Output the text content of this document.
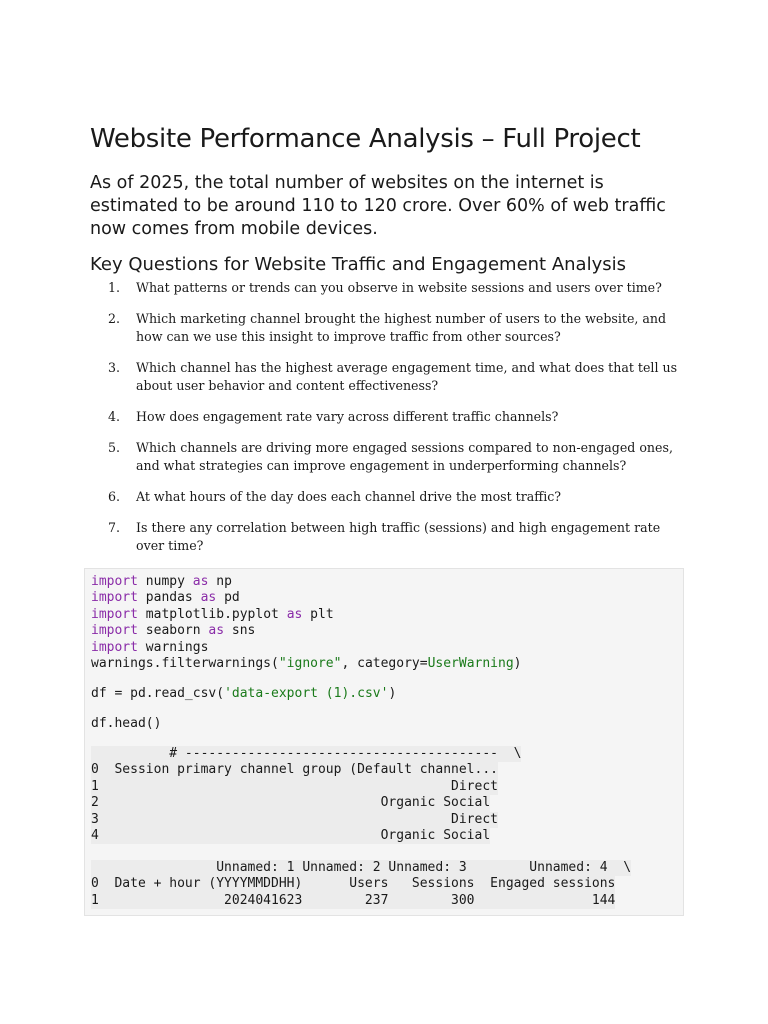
Website Performance Analysis – Full Project

As of 2025, the total number of websites on the internet is estimated to be around 110 to 120 crore. Over 60% of web traffic now comes from mobile devices.

Key Questions for Website Traffic and Engagement Analysis
1. What patterns or trends can you observe in website sessions and users over time?
2. Which marketing channel brought the highest number of users to the website, and
how can we use this insight to improve traffic from other sources?
3. Which channel has the highest average engagement time, and what does that tell us
about user behavior and content effectiveness?
4. How does engagement rate vary across different traffic channels?
5. Which channels are driving more engaged sessions compared to non-engaged ones,
and what strategies can improve engagement in underperforming channels?
6. At what hours of the day does each channel drive the most traffic?
7. Is there any correlation between high traffic (sessions) and high engagement rate
over time?
import numpy as np
import pandas as pd
import matplotlib.pyplot as plt
import seaborn as sns
import warnings
warnings.filterwarnings("ignore", category=UserWarning)
df = pd.read_csv('data-export (1).csv')
df.head()
# ----------------------------------------  \
0  Session primary channel group (Default channel...
1                                             Direct
2                                    Organic Social
3                                             Direct
4                                    Organic Social
Unnamed: 1 Unnamed: 2 Unnamed: 3        Unnamed: 4  \
0  Date + hour (YYYYMMDDHH)      Users   Sessions  Engaged sessions
1                2024041623        237        300               144
